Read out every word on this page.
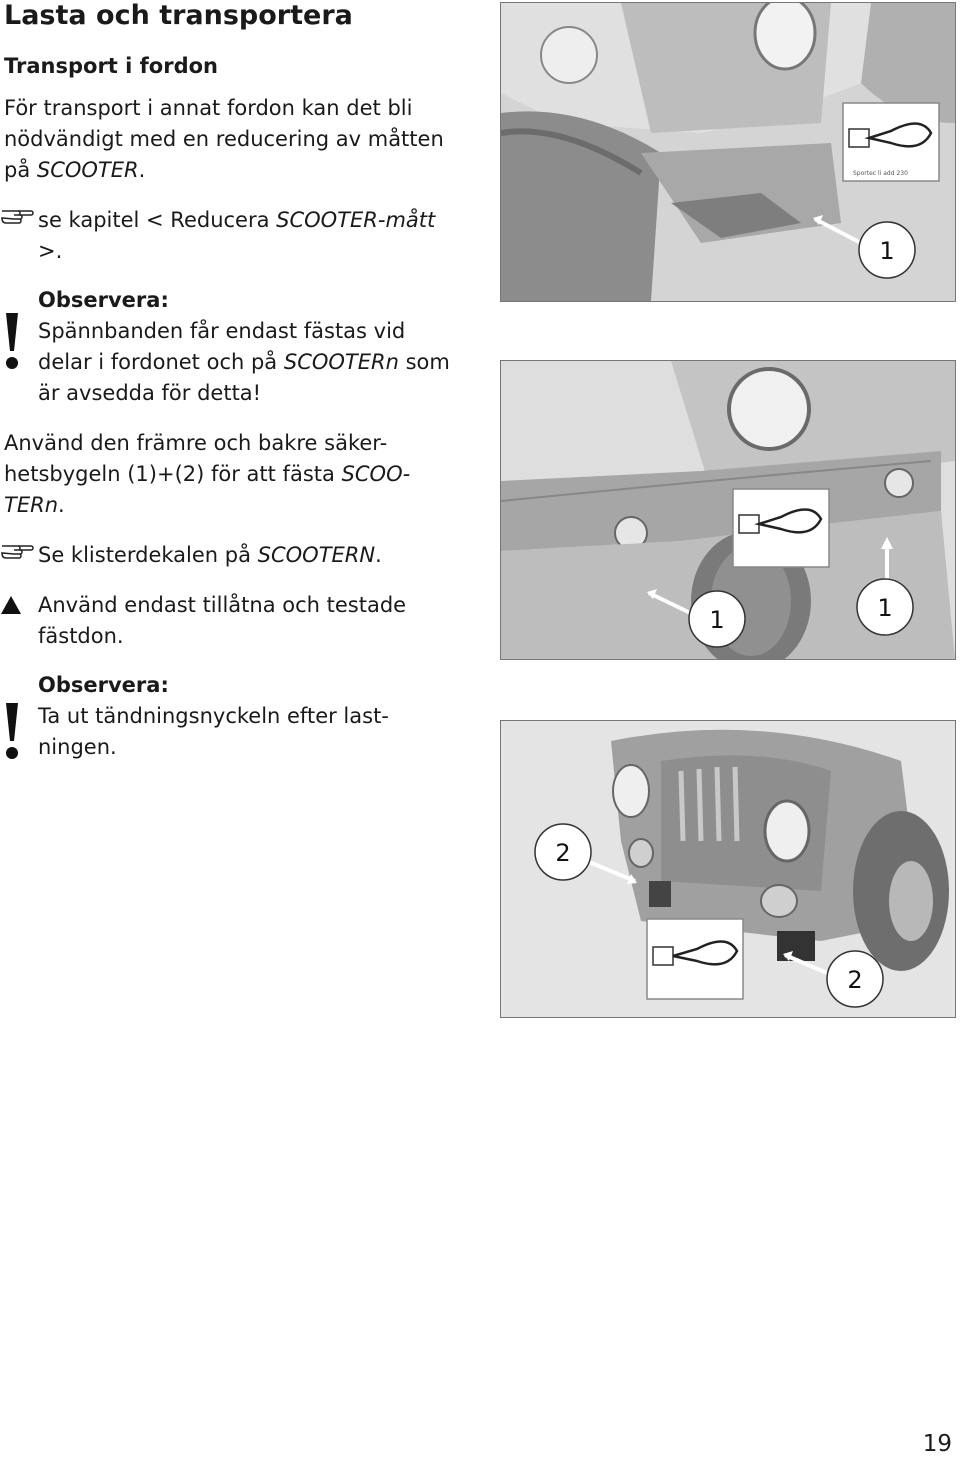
Lasta och transportera
Transport i fordon

För transport i annat fordon kan det bli nödvändigt med en reducering av måtten på SCOOTER.

se kapitel < Reducera SCOOTER-mått >.
Observera:
Spännbanden får endast fästas vid delar i fordonet och på SCOOTERn som är avsedda för detta!

Använd den främre och bakre säker-hetsbygeln (1)+(2) för att fästa SCOO-TERn.

Se klisterdekalen på SCOOTERN.
Använd endast tillåtna och testade fästdon.
Observera:
Ta ut tändningsnyckeln efter last-ningen.
Sportec li add 230
1
1	1
2
2
19
